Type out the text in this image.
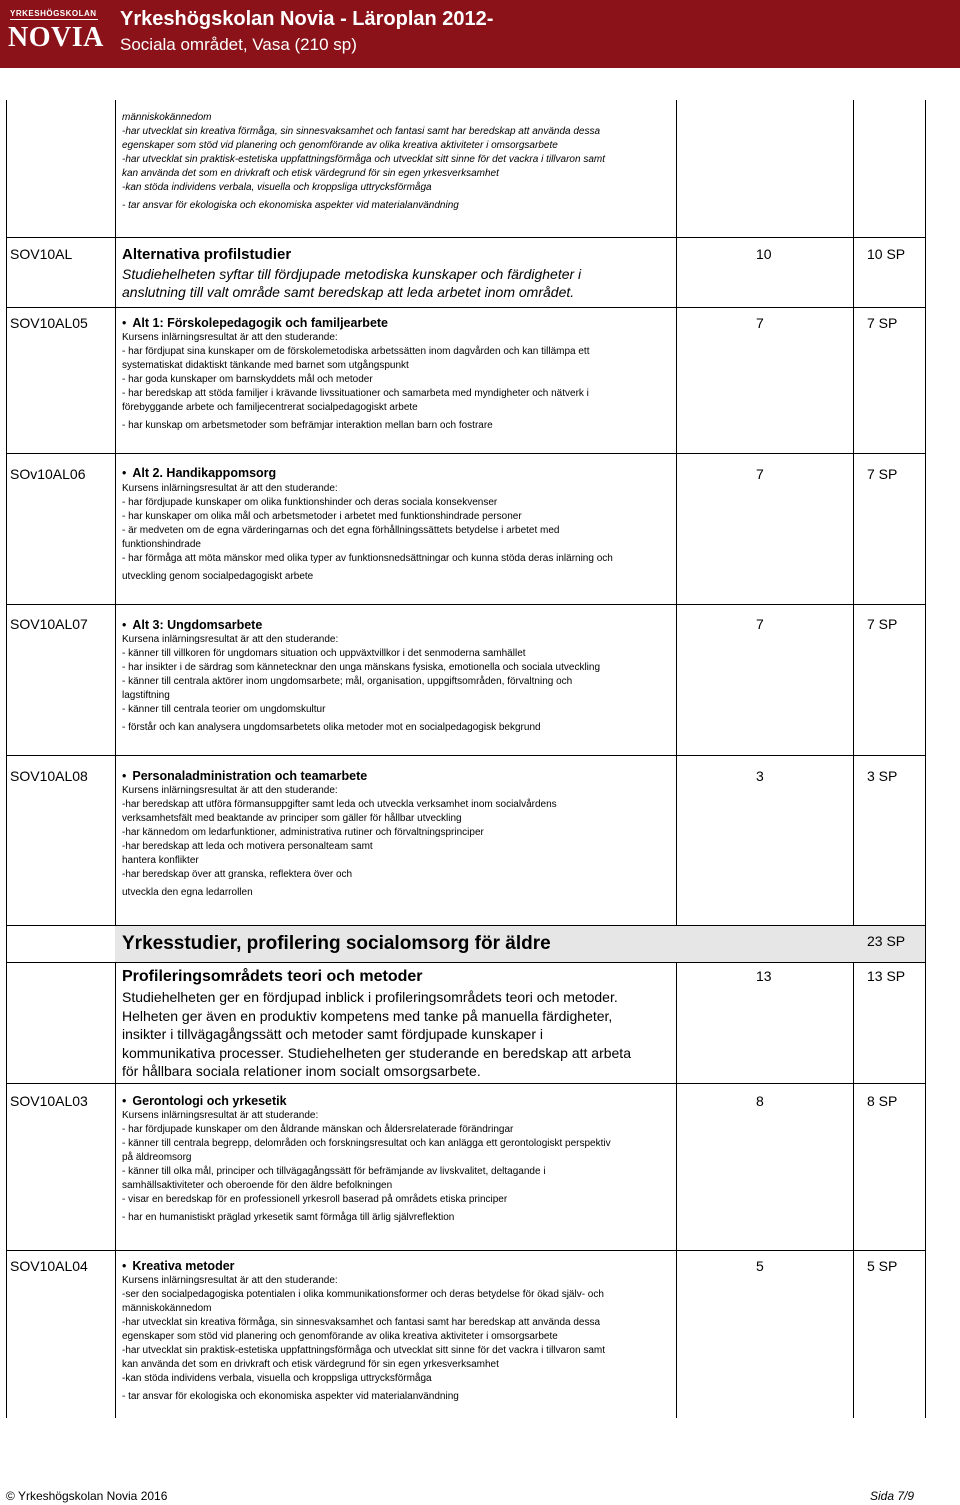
YRKESHÖGSKOLAN
NOVIA
Yrkeshögskolan Novia - Läroplan 2012-
Sociala området, Vasa (210 sp)
människokännedom
-har utvecklat sin kreativa förmåga, sin sinnesvaksamhet och fantasi samt har beredskap att använda dessa
egenskaper som stöd vid planering och genomförande av olika kreativa aktiviteter i omsorgsarbete
-har utvecklat sin praktisk-estetiska uppfattningsförmåga och utvecklat sitt sinne för det vackra i tillvaron samt
kan använda det som en drivkraft och etisk värdegrund för sin egen yrkesverksamhet
-kan stöda individens verbala, visuella och kroppsliga uttrycksförmåga
- tar ansvar för ekologiska och ekonomiska aspekter vid materialanvändning
SOV10AL	Alternativa profilstudier
Studiehelheten syftar till fördjupade metodiska kunskaper och färdigheter i
anslutning till valt område samt beredskap att leda arbetet inom området.
10	10 SP
SOV10AL05	• Alt 1: Förskolepedagogik och familjearbete
Kursens inlärningsresultat är att den studerande:
- har fördjupat sina kunskaper om de förskolemetodiska arbetssätten inom dagvården och kan tillämpa ett
systematiskat didaktiskt tänkande med barnet som utgångspunkt
- har goda kunskaper om barnskyddets mål och metoder
- har beredskap att stöda familjer i krävande livssituationer och samarbeta med myndigheter och nätverk i
förebyggande arbete och familjecentrerat socialpedagogiskt arbete
- har kunskap om arbetsmetoder som befrämjar interaktion mellan barn och fostrare
7	7 SP
SOv10AL06	• Alt 2. Handikappomsorg
Kursens inlärningsresultat är att den studerande:
- har fördjupade kunskaper om olika funktionshinder och deras sociala konsekvenser
- har kunskaper om olika mål och arbetsmetoder i arbetet med funktionshindrade personer
- är medveten om de egna värderingarnas och det egna förhållningssättets betydelse i arbetet med
funktionshindrade
- har förmåga att möta mänskor med olika typer av funktionsnedsättningar och kunna stöda deras inlärning och
utveckling genom socialpedagogiskt arbete
7	7 SP
SOV10AL07	• Alt 3: Ungdomsarbete
Kursena inlärningsresultat är att den studerande:
- känner till villkoren för ungdomars situation och uppväxtvillkor i det senmoderna samhället
- har insikter i de särdrag som kännetecknar den unga mänskans fysiska, emotionella och sociala utveckling
- känner till centrala aktörer inom ungdomsarbete; mål, organisation, uppgiftsområden, förvaltning och
lagstiftning
- känner till centrala teorier om ungdomskultur
- förstår och kan analysera ungdomsarbetets olika metoder mot en socialpedagogisk bekgrund
7	7 SP
SOV10AL08	• Personaladministration och teamarbete
Kursens inlärningsresultat är att den studerande:
-har beredskap att utföra förmansuppgifter samt leda och utveckla verksamhet inom socialvårdens
verksamhetsfält med beaktande av principer som gäller för hållbar utveckling
-har kännedom om ledarfunktioner, administrativa rutiner och förvaltningsprinciper
-har beredskap att leda och motivera personalteam samt
hantera konflikter
-har beredskap över att granska, reflektera över och
utveckla den egna ledarrollen
3	3 SP
Yrkesstudier, profilering socialomsorg för äldre	23 SP
Profileringsområdets teori och metoder
Studiehelheten ger en fördjupad inblick i profileringsområdets teori och metoder.
Helheten ger även en produktiv kompetens med tanke på manuella färdigheter,
insikter i tillvägagångssätt och metoder samt fördjupade kunskaper i
kommunikativa processer. Studiehelheten ger studerande en beredskap att arbeta
för hållbara sociala relationer inom socialt omsorgsarbete.
13	13 SP
SOV10AL03	• Gerontologi och yrkesetik
Kursens inlärningsresultat är att studerande:
- har fördjupade kunskaper om den åldrande mänskan och åldersrelaterade förändringar
- känner till centrala begrepp, delområden och forskningsresultat och kan anlägga ett gerontologiskt perspektiv
på äldreomsorg
- känner till olka mål, principer och tillvägagångssätt för befrämjande av livskvalitet, deltagande i
samhällsaktiviteter och oberoende för den äldre befolkningen
- visar en beredskap för en professionell yrkesroll baserad på områdets etiska principer
- har en humanistiskt präglad yrkesetik samt förmåga till ärlig självreflektion
8	8 SP
SOV10AL04	• Kreativa metoder
Kursens inlärningsresultat är att den studerande:
-ser den socialpedagogiska potentialen i olika kommunikationsformer och deras betydelse för ökad själv- och
människokännedom
-har utvecklat sin kreativa förmåga, sin sinnesvaksamhet och fantasi samt har beredskap att använda dessa
egenskaper som stöd vid planering och genomförande av olika kreativa aktiviteter i omsorgsarbete
-har utvecklat sin praktisk-estetiska uppfattningsförmåga och utvecklat sitt sinne för det vackra i tillvaron samt
kan använda det som en drivkraft och etisk värdegrund för sin egen yrkesverksamhet
-kan stöda individens verbala, visuella och kroppsliga uttrycksförmåga
- tar ansvar för ekologiska och ekonomiska aspekter vid materialanvändning
5	5 SP
© Yrkeshögskolan Novia 2016	Sida 7/9
